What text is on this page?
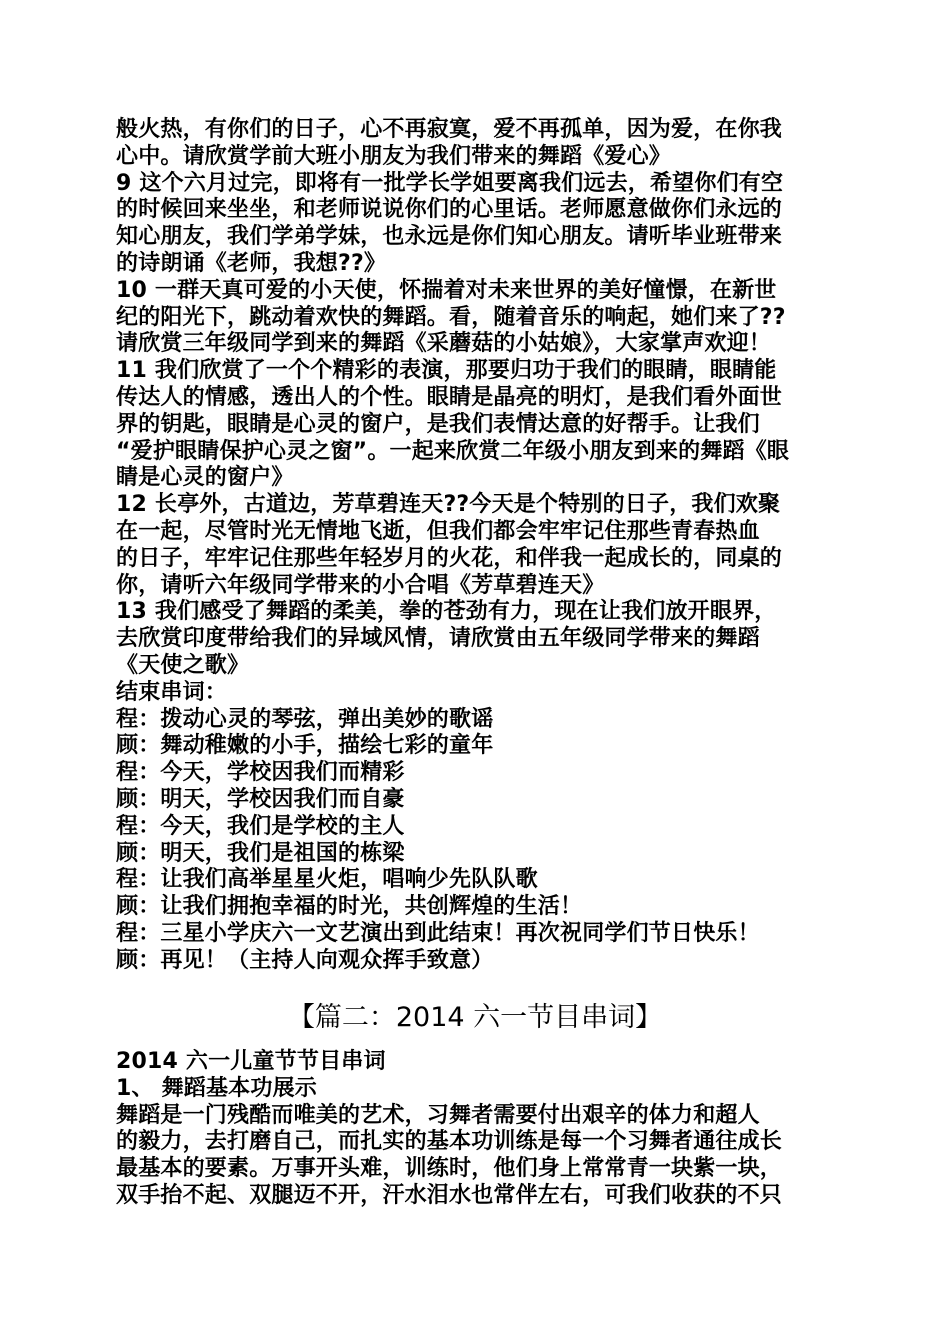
般火热，有你们的日子，心不再寂寞，爱不再孤单，因为爱，在你我
心中。请欣赏学前大班小朋友为我们带来的舞蹈《爱心》
9 这个六月过完，即将有一批学长学姐要离我们远去，希望你们有空
的时候回来坐坐，和老师说说你们的心里话。老师愿意做你们永远的
知心朋友，我们学弟学妹，也永远是你们知心朋友。请听毕业班带来
的诗朗诵《老师，我想??》
10 一群天真可爱的小天使，怀揣着对未来世界的美好憧憬，在新世
纪的阳光下，跳动着欢快的舞蹈。看，随着音乐的响起，她们来了??
请欣赏三年级同学到来的舞蹈《采蘑菇的小姑娘》，大家掌声欢迎！
11 我们欣赏了一个个精彩的表演，那要归功于我们的眼睛，眼睛能
传达人的情感，透出人的个性。眼睛是晶亮的明灯，是我们看外面世
界的钥匙，眼睛是心灵的窗户，是我们表情达意的好帮手。让我们
“爱护眼睛保护心灵之窗”。一起来欣赏二年级小朋友到来的舞蹈《眼
睛是心灵的窗户》
12 长亭外，古道边，芳草碧连天??今天是个特别的日子，我们欢聚
在一起，尽管时光无情地飞逝，但我们都会牢牢记住那些青春热血
的日子，牢牢记住那些年轻岁月的火花，和伴我一起成长的，同桌的
你，请听六年级同学带来的小合唱《芳草碧连天》
13 我们感受了舞蹈的柔美，拳的苍劲有力，现在让我们放开眼界，
去欣赏印度带给我们的异域风情，请欣赏由五年级同学带来的舞蹈
《天使之歌》
结束串词：
程：拨动心灵的琴弦，弹出美妙的歌谣
顾：舞动稚嫩的小手，描绘七彩的童年
程：今天，学校因我们而精彩
顾：明天，学校因我们而自豪
程：今天，我们是学校的主人
顾：明天，我们是祖国的栋梁
程：让我们高举星星火炬，唱响少先队队歌
顾：让我们拥抱幸福的时光，共创辉煌的生活！
程：三星小学庆六一文艺演出到此结束！再次祝同学们节日快乐！
顾：再见！（主持人向观众挥手致意）
【篇二：2014 六一节目串词】
2014 六一儿童节节目串词
1、 舞蹈基本功展示
舞蹈是一门残酷而唯美的艺术，习舞者需要付出艰辛的体力和超人
的毅力，去打磨自己，而扎实的基本功训练是每一个习舞者通往成长
最基本的要素。万事开头难，训练时，他们身上常常青一块紫一块，
双手抬不起、双腿迈不开，汗水泪水也常伴左右，可我们收获的不只
